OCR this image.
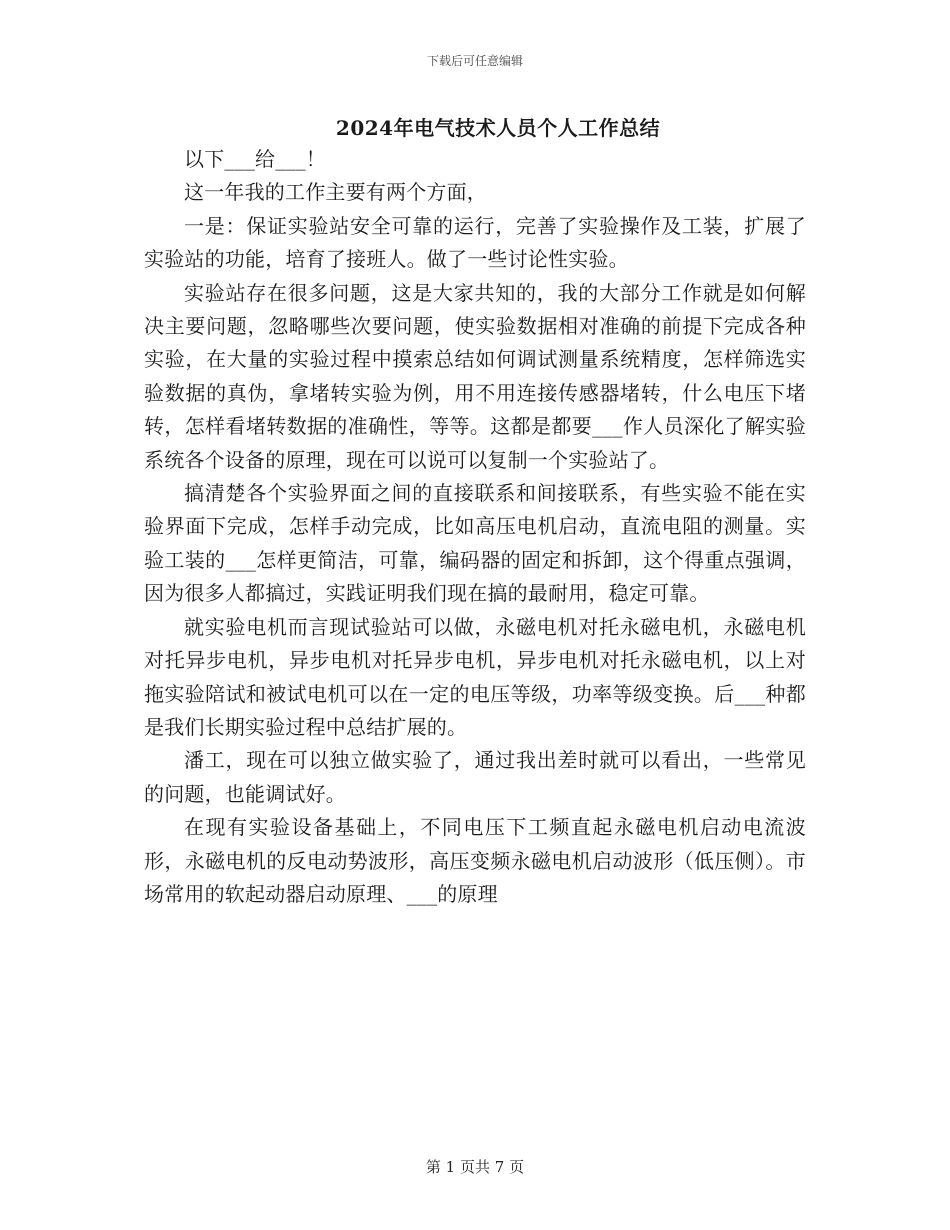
下载后可任意编辑
2024年电气技术人员个人工作总结

以下___给___！

这一年我的工作主要有两个方面，

一是：保证实验站安全可靠的运行，完善了实验操作及工装，扩展了实验站的功能，培育了接班人。做了一些讨论性实验。

实验站存在很多问题，这是大家共知的，我的大部分工作就是如何解决主要问题，忽略哪些次要问题，使实验数据相对准确的前提下完成各种实验，在大量的实验过程中摸索总结如何调试测量系统精度，怎样筛选实验数据的真伪，拿堵转实验为例，用不用连接传感器堵转，什么电压下堵转，怎样看堵转数据的准确性，等等。这都是都要___作人员深化了解实验系统各个设备的原理，现在可以说可以复制一个实验站了。

搞清楚各个实验界面之间的直接联系和间接联系，有些实验不能在实验界面下完成，怎样手动完成，比如高压电机启动，直流电阻的测量。实验工装的___怎样更简洁，可靠，编码器的固定和拆卸，这个得重点强调，因为很多人都搞过，实践证明我们现在搞的最耐用，稳定可靠。

就实验电机而言现试验站可以做，永磁电机对托永磁电机，永磁电机对托异步电机，异步电机对托异步电机，异步电机对托永磁电机，以上对拖实验陪试和被试电机可以在一定的电压等级，功率等级变换。后___种都是我们长期实验过程中总结扩展的。

潘工，现在可以独立做实验了，通过我出差时就可以看出，一些常见的问题，也能调试好。

在现有实验设备基础上，不同电压下工频直起永磁电机启动电流波形，永磁电机的反电动势波形，高压变频永磁电机启动波形（低压侧）。市场常用的软起动器启动原理、___的原理

第 1 页共 7 页
